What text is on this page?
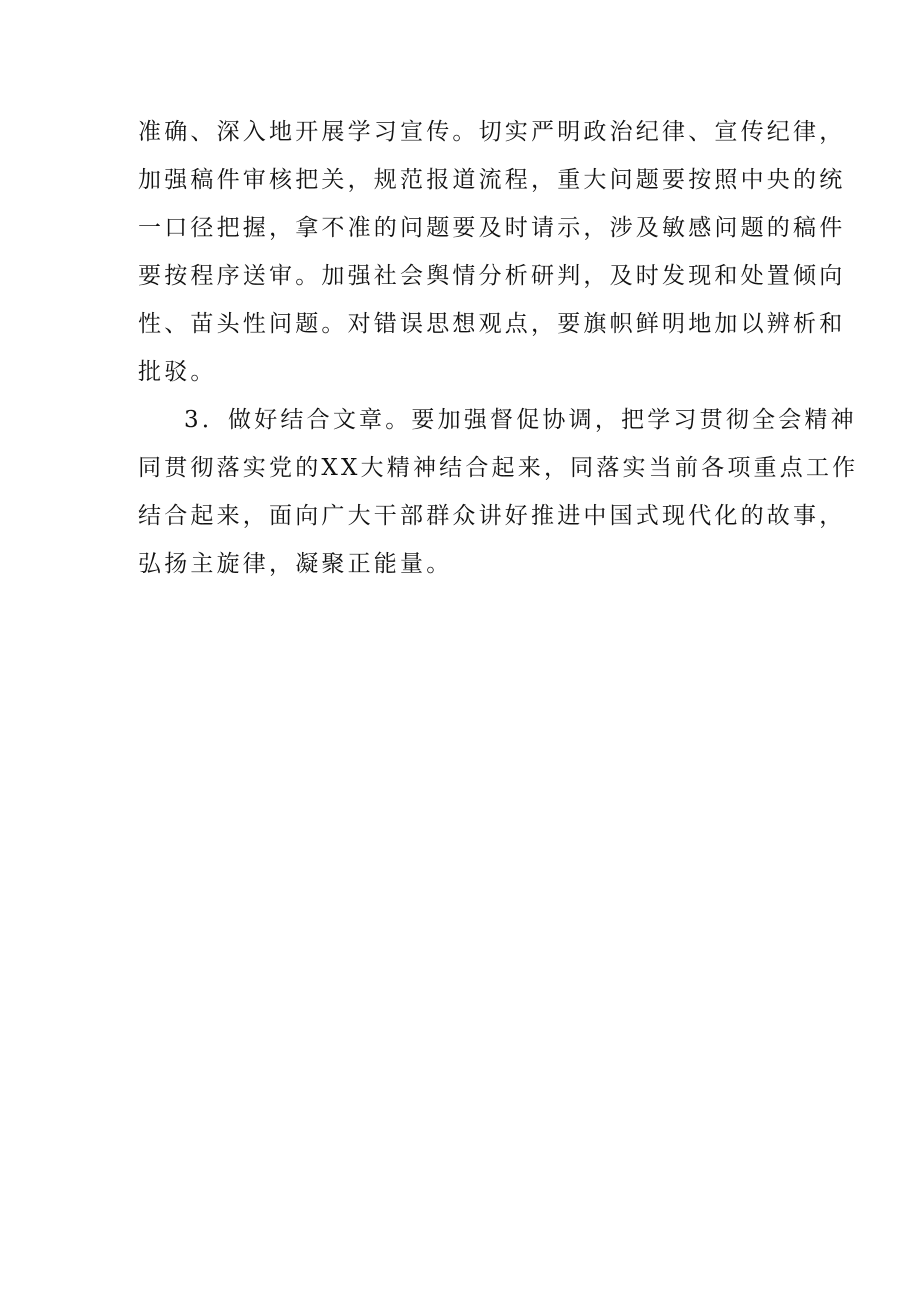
准确、深入地开展学习宣传。切实严明政治纪律、宣传纪律，
加强稿件审核把关，规范报道流程，重大问题要按照中央的统
一口径把握，拿不准的问题要及时请示，涉及敏感问题的稿件
要按程序送审。加强社会舆情分析研判，及时发现和处置倾向
性、苗头性问题。对错误思想观点，要旗帜鲜明地加以辨析和
批驳。
3．做好结合文章。要加强督促协调，把学习贯彻全会精神
同贯彻落实党的XX大精神结合起来，同落实当前各项重点工作
结合起来，面向广大干部群众讲好推进中国式现代化的故事，
弘扬主旋律，凝聚正能量。
